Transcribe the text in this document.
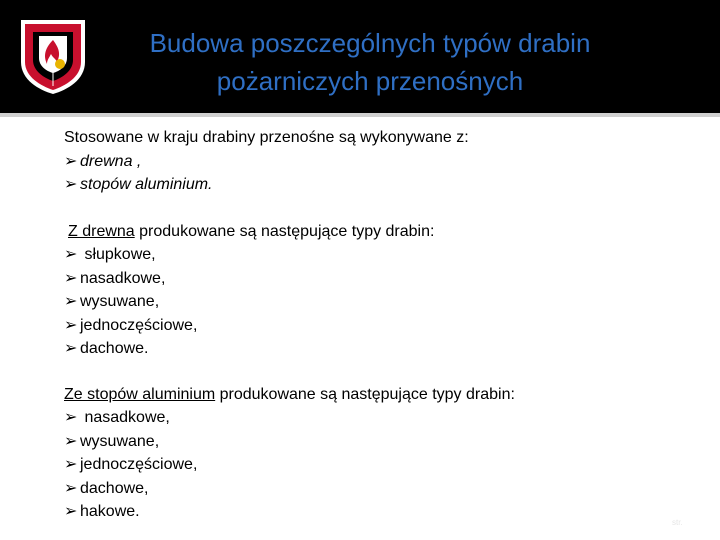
Budowa poszczególnych typów drabin
pożarniczych przenośnych
Stosowane w kraju drabiny przenośne są wykonywane z:
➢ drewna ,
➢ stopów aluminium.
Z drewna produkowane są następujące typy drabin:
➢ słupkowe,
➢ nasadkowe,
➢ wysuwane,
➢ jednoczęściowe,
➢ dachowe.
Ze stopów aluminium produkowane są następujące typy drabin:
➢ nasadkowe,
➢ wysuwane,
➢ jednoczęściowe,
➢ dachowe,
➢ hakowe.
str. 5
